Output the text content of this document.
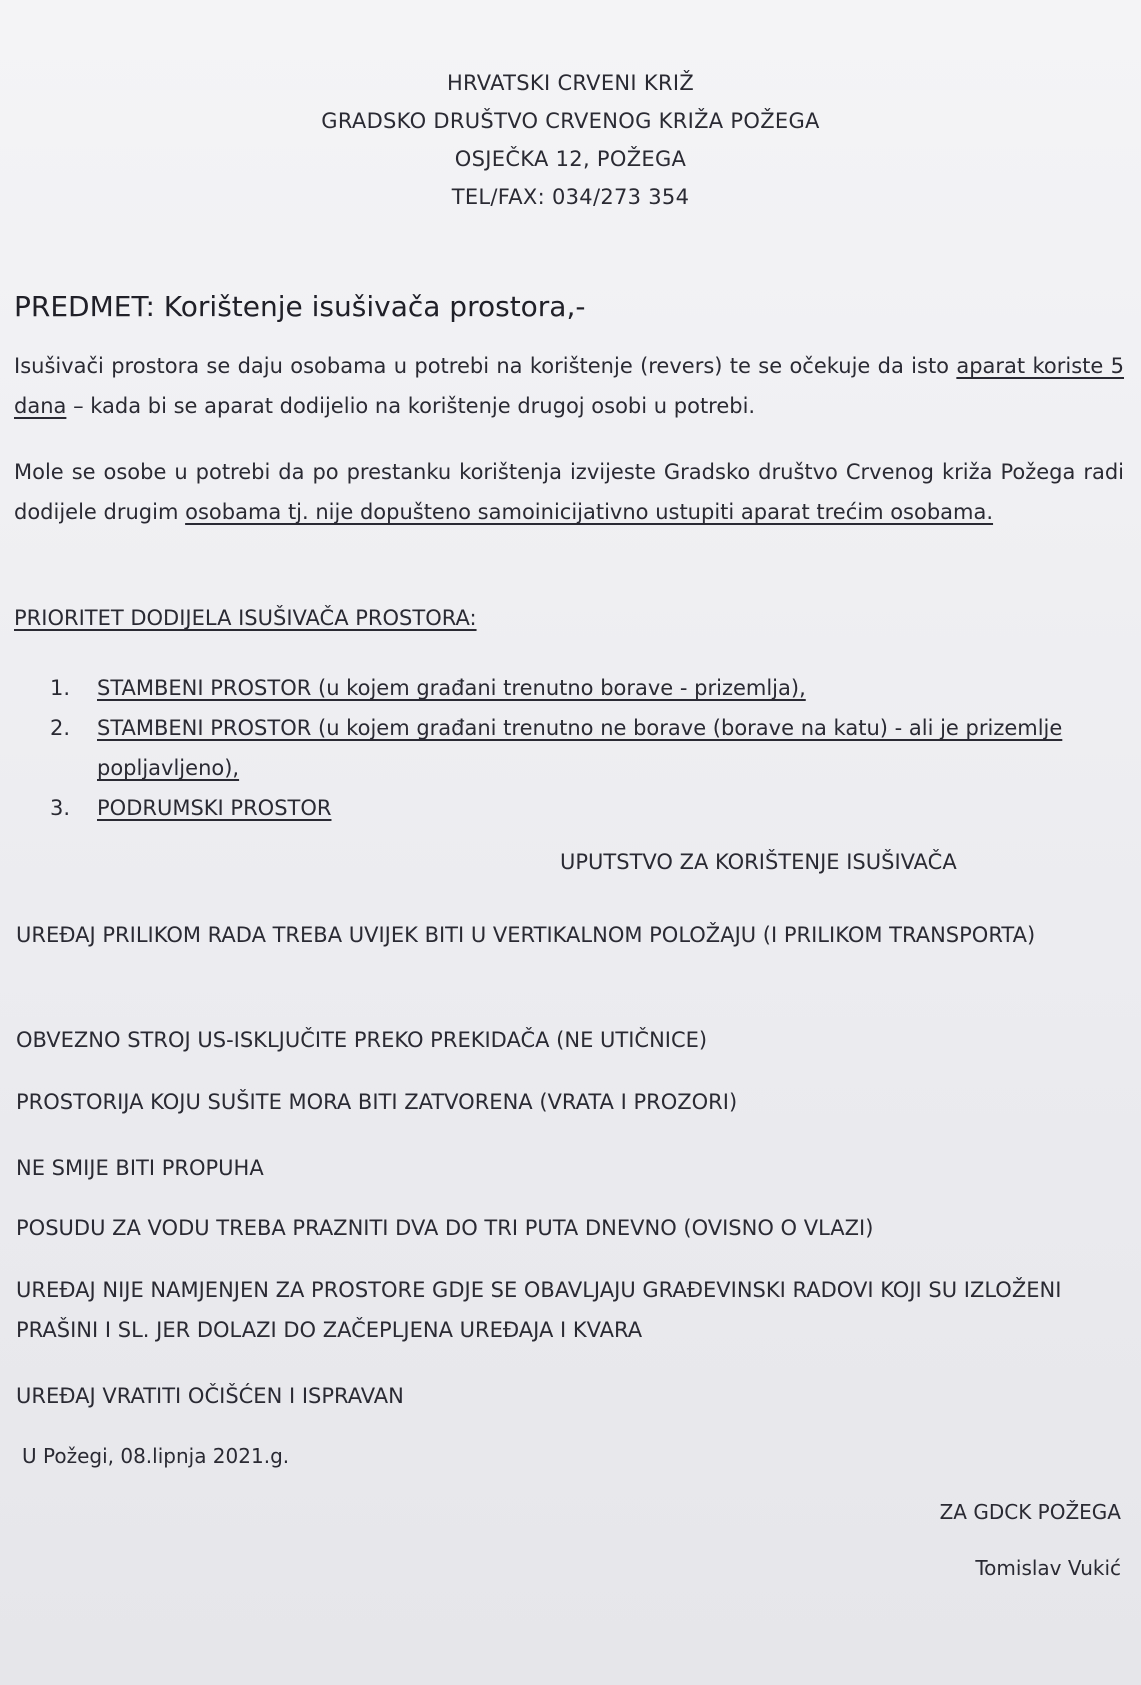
HRVATSKI CRVENI KRIŽ
GRADSKO DRUŠTVO CRVENOG KRIŽA POŽEGA
OSJEČKA 12, POŽEGA
TEL/FAX: 034/273 354
PREDMET: Korištenje isušivača prostora,-

Isušivači prostora se daju osobama u potrebi na korištenje (revers) te se očekuje da isto aparat koriste 5 dana – kada bi se aparat dodijelio na korištenje drugoj osobi u potrebi.

Mole se osobe u potrebi da po prestanku korištenja izvijeste Gradsko društvo Crvenog križa Požega radi dodijele drugim osobama tj. nije dopušteno samoinicijativno ustupiti aparat trećim osobama.

PRIORITET DODIJELA ISUŠIVAČA PROSTORA:

1.	STAMBENI PROSTOR (u kojem građani trenutno borave - prizemlja),
2.	STAMBENI PROSTOR (u kojem građani trenutno ne borave (borave na katu) - ali je prizemlje popljavljeno),
3.	PODRUMSKI PROSTOR

UPUTSTVO ZA KORIŠTENJE ISUŠIVAČA

UREĐAJ PRILIKOM RADA TREBA UVIJEK BITI U VERTIKALNOM POLOŽAJU (I PRILIKOM TRANSPORTA)

OBVEZNO STROJ US-ISKLJUČITE PREKO PREKIDAČA (NE UTIČNICE)

PROSTORIJA KOJU SUŠITE MORA BITI ZATVORENA (VRATA I PROZORI)

NE SMIJE BITI PROPUHA

POSUDU ZA VODU TREBA PRAZNITI DVA DO TRI PUTA DNEVNO (OVISNO O VLAZI)

UREĐAJ NIJE NAMJENJEN ZA PROSTORE GDJE SE OBAVLJAJU GRAĐEVINSKI RADOVI KOJI SU IZLOŽENI PRAŠINI I SL. JER DOLAZI DO ZAČEPLJENA UREĐAJA I KVARA

UREĐAJ VRATITI OČIŠĆEN I ISPRAVAN

U Požegi, 08.lipnja 2021.g.

ZA GDCK POŽEGA

Tomislav Vukić
